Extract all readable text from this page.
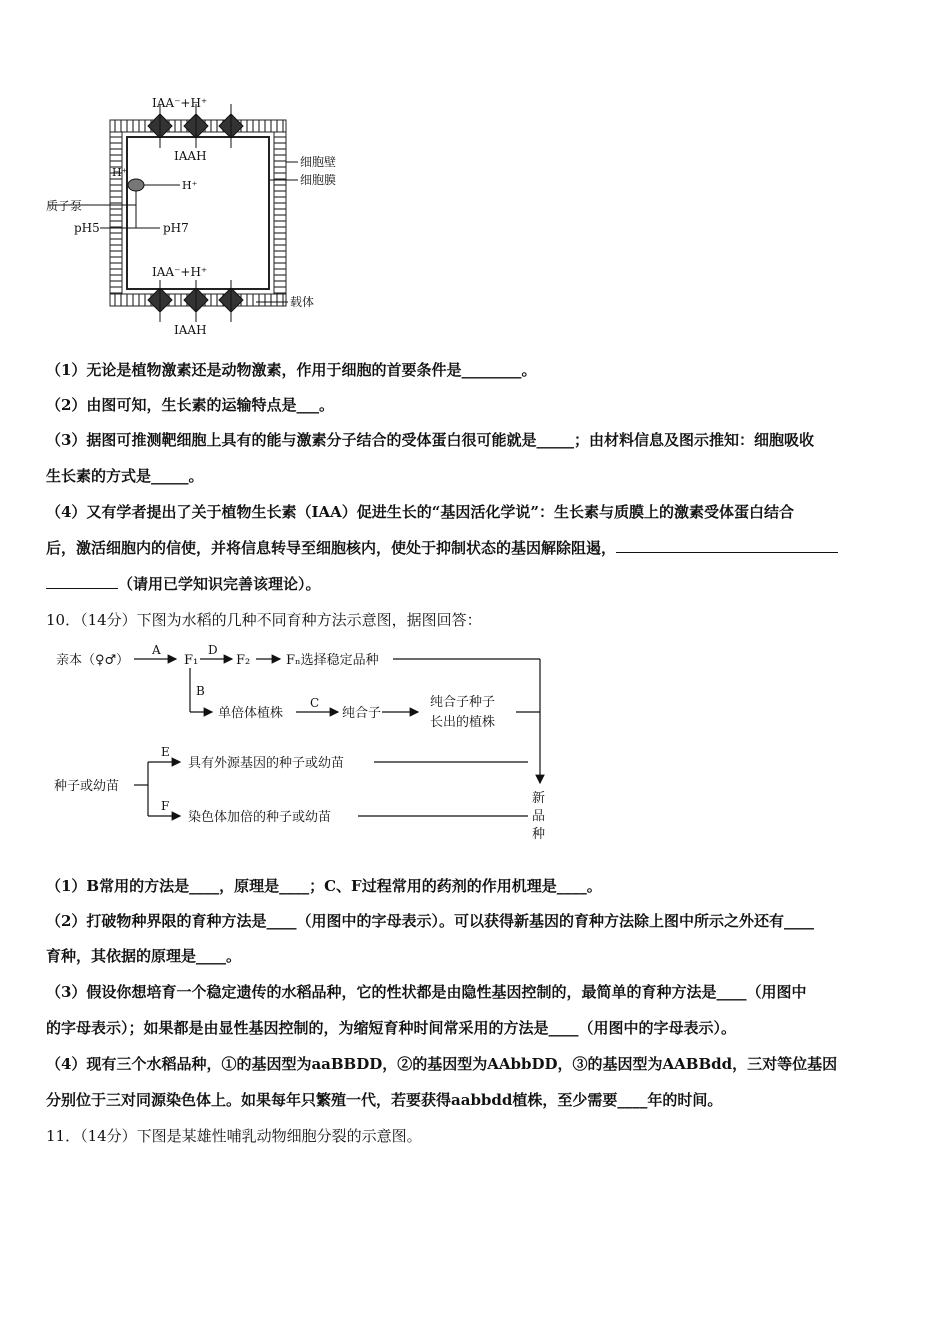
IAA⁻+H⁺
IAAH
H⁺
H⁺
质子泵
pH5	pH7
IAA⁻+H⁺
IAAH
细胞壁
细胞膜
载体
（1）无论是植物激素还是动物激素，作用于细胞的首要条件是________。
（2）由图可知，生长素的运输特点是___。
（3）据图可推测靶细胞上具有的能与激素分子结合的受体蛋白很可能就是_____；由材料信息及图示推知：细胞吸收
生长素的方式是_____。
（4）又有学者提出了关于植物生长素（IAA）促进生长的“基因活化学说”：生长素与质膜上的激素受体蛋白结合
后，激活细胞内的信使，并将信息转导至细胞核内，使处于抑制状态的基因解除阻遏，
（请用已学知识完善该理论）。
10．（14分）下图为水稻的几种不同育种方法示意图，据图回答：
亲本（♀♂）
A
F₁
D
F₂	Fₙ选择稳定品种
B
单倍体植株
C
纯合子
纯合子种子
长出的植株
种子或幼苗
E
具有外源基因的种子或幼苗
F
染色体加倍的种子或幼苗
新
品
种
（1）B常用的方法是____，原理是____；C、F过程常用的药剂的作用机理是____。
（2）打破物种界限的育种方法是____（用图中的字母表示）。可以获得新基因的育种方法除上图中所示之外还有____
育种，其依据的原理是____。
（3）假设你想培育一个稳定遗传的水稻品种，它的性状都是由隐性基因控制的，最简单的育种方法是____（用图中
的字母表示）；如果都是由显性基因控制的，为缩短育种时间常采用的方法是____（用图中的字母表示）。
（4）现有三个水稻品种，①的基因型为aaBBDD，②的基因型为AAbbDD，③的基因型为AABBdd，三对等位基因
分别位于三对同源染色体上。如果每年只繁殖一代，若要获得aabbdd植株，至少需要____年的时间。
11．（14分）下图是某雄性哺乳动物细胞分裂的示意图。
